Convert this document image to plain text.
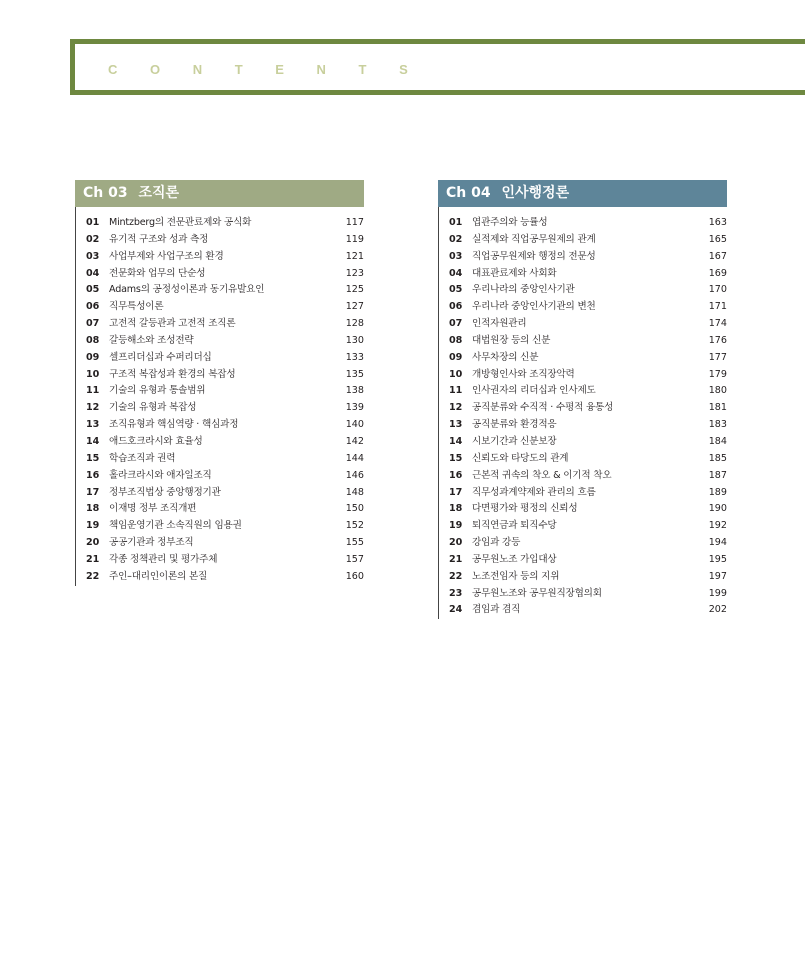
C O N T E N T S
Ch 03 조직론
01	Mintzberg의 전문관료제와 공식화	117
02	유기적 구조와 성과 측정	119
03	사업부제와 사업구조의 환경	121
04	전문화와 업무의 단순성	123
05	Adams의 공정성이론과 동기유발요인	125
06	직무특성이론	127
07	고전적 갈등관과 고전적 조직론	128
08	갈등해소와 조성전략	130
09	셀프리더십과 수퍼리더십	133
10	구조적 복잡성과 환경의 복잡성	135
11	기술의 유형과 통솔범위	138
12	기술의 유형과 복잡성	139
13	조직유형과 핵심역량 · 핵심과정	140
14	애드호크라시와 효율성	142
15	학습조직과 권력	144
16	홀라크라시와 애자일조직	146
17	정부조직법상 중앙행정기관	148
18	이재명 정부 조직개편	150
19	책임운영기관 소속직원의 임용권	152
20	공공기관과 정부조직	155
21	각종 정책관리 및 평가주체	157
22	주인–대리인이론의 본질	160
Ch 04 인사행정론
01	엽관주의와 능률성	163
02	실적제와 직업공무원제의 관계	165
03	직업공무원제와 행정의 전문성	167
04	대표관료제와 사회화	169
05	우리나라의 중앙인사기관	170
06	우리나라 중앙인사기관의 변천	171
07	인적자원관리	174
08	대법원장 등의 신분	176
09	사무차장의 신분	177
10	개방형인사와 조직장악력	179
11	인사권자의 리더십과 인사제도	180
12	공직분류와 수직적 · 수평적 융통성	181
13	공직분류와 환경적응	183
14	시보기간과 신분보장	184
15	신뢰도와 타당도의 관계	185
16	근본적 귀속의 착오 & 이기적 착오	187
17	직무성과계약제와 관리의 흐름	189
18	다면평가와 평정의 신뢰성	190
19	퇴직연금과 퇴직수당	192
20	강임과 강등	194
21	공무원노조 가입대상	195
22	노조전임자 등의 지위	197
23	공무원노조와 공무원직장협의회	199
24	겸임과 겸직	202
